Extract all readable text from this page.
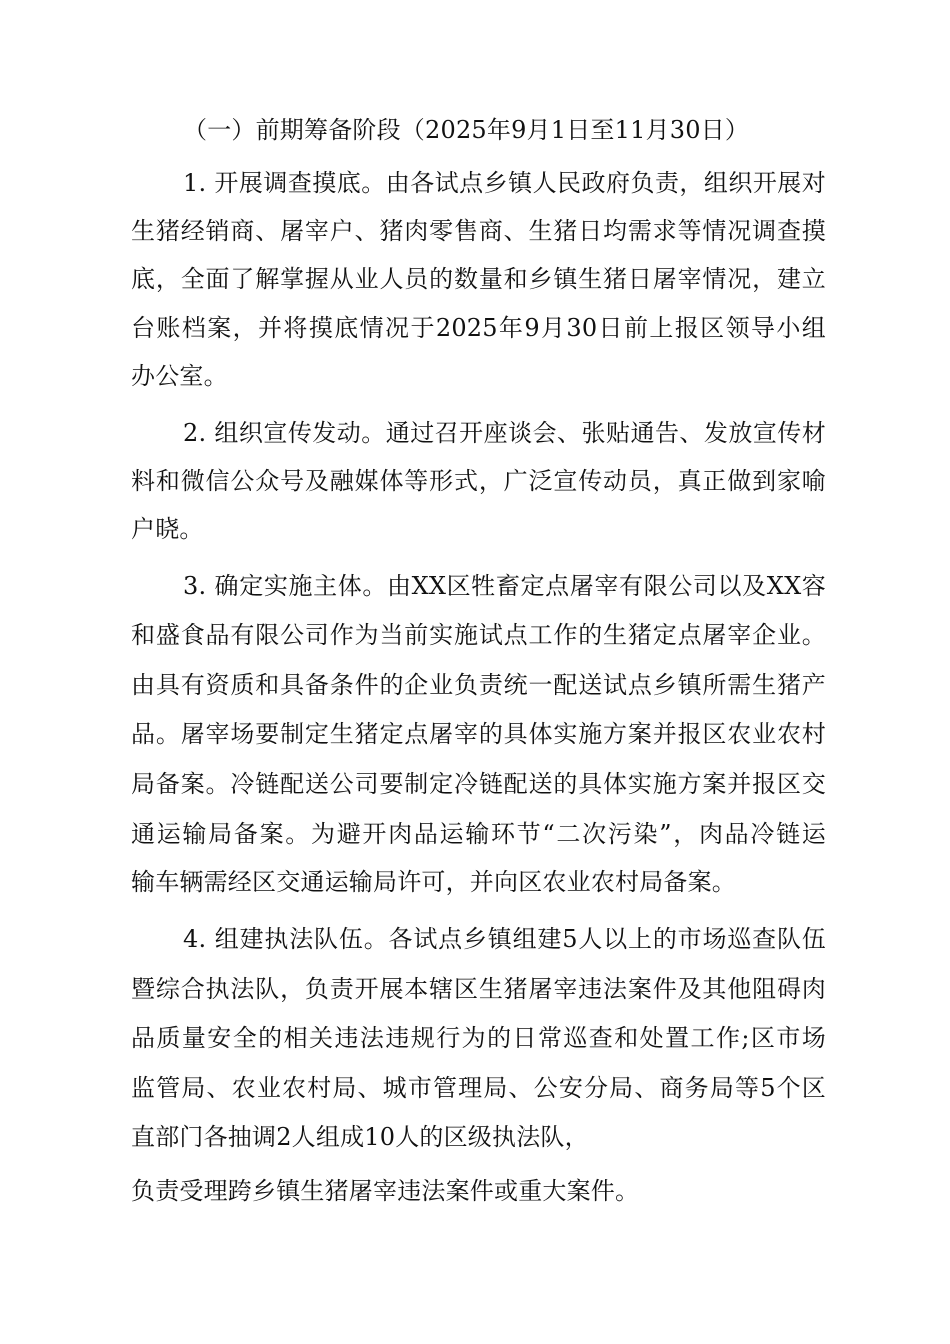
（一）前期筹备阶段（2025年9月1日至11月30日）
1. 开展调查摸底。由各试点乡镇人民政府负责，组织开展对
生猪经销商、屠宰户、猪肉零售商、生猪日均需求等情况调查摸
底，全面了解掌握从业人员的数量和乡镇生猪日屠宰情况，建立
台账档案，并将摸底情况于2025年9月30日前上报区领导小组
办公室。
2. 组织宣传发动。通过召开座谈会、张贴通告、发放宣传材
料和微信公众号及融媒体等形式，广泛宣传动员，真正做到家喻
户晓。
3. 确定实施主体。由XX区牲畜定点屠宰有限公司以及XX容
和盛食品有限公司作为当前实施试点工作的生猪定点屠宰企业。
由具有资质和具备条件的企业负责统一配送试点乡镇所需生猪产
品。屠宰场要制定生猪定点屠宰的具体实施方案并报区农业农村
局备案。冷链配送公司要制定冷链配送的具体实施方案并报区交
通运输局备案。为避开肉品运输环节“二次污染”，肉品冷链运
输车辆需经区交通运输局许可，并向区农业农村局备案。
4. 组建执法队伍。各试点乡镇组建5人以上的市场巡查队伍
暨综合执法队，负责开展本辖区生猪屠宰违法案件及其他阻碍肉
品质量安全的相关违法违规行为的日常巡查和处置工作;区市场
监管局、农业农村局、城市管理局、公安分局、商务局等5个区
直部门各抽调2人组成10人的区级执法队，
负责受理跨乡镇生猪屠宰违法案件或重大案件。
